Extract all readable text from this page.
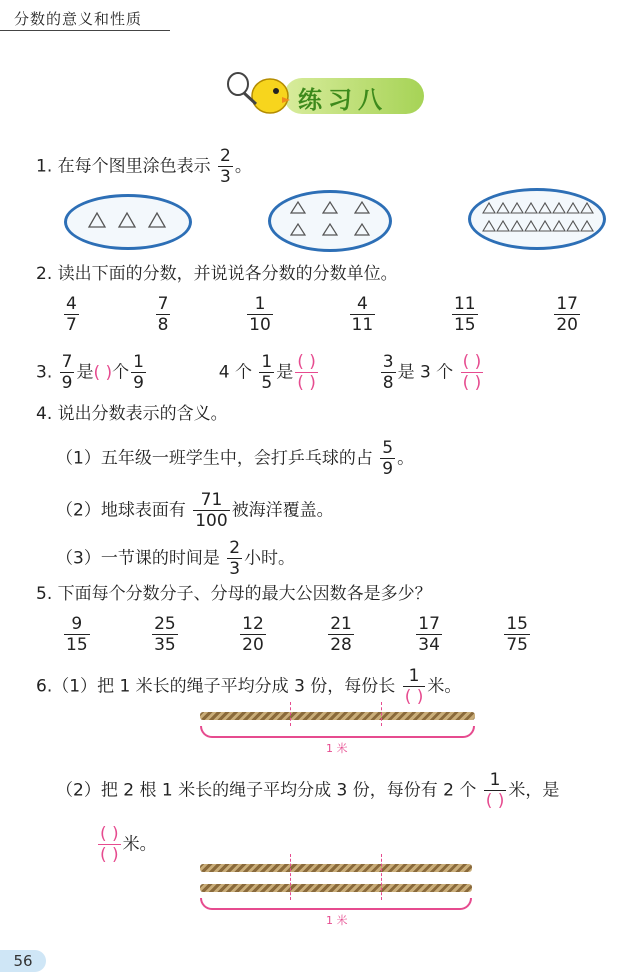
分数的意义和性质
练习八
1. 在每个图里涂色表示 $\frac{2}{3}$ 。
2. 读出下面的分数，并说说各分数的分数单位。
$\frac{4}{7}$	$\frac{7}{8}$	$\frac{1}{10}$	$\frac{4}{11}$	$\frac{11}{15}$	$\frac{17}{20}$
3. $\frac{7}{9}$ 是( )个 $\frac{1}{9}$	4 个 $\frac{1}{5}$ 是 $\frac{( )}{( )}$
	$\frac{3}{8}$ 是 3 个 $\frac{( )}{( )}$
4. 说出分数表示的含义。
（1）五年级一班学生中，会打乒乓球的占 $\frac{5}{9}$ 。
（2）地球表面有 $\frac{71}{100}$ 被海洋覆盖。
（3）一节课的时间是 $\frac{2}{3}$ 小时。
5. 下面每个分数分子、分母的最大公因数各是多少？
$\frac{9}{15}$	$\frac{25}{35}$	$\frac{12}{20}$	$\frac{21}{28}$	$\frac{17}{34}$	$\frac{15}{75}$
6.（1）把 1 米长的绳子平均分成 3 份，每份长 $\frac{1}{( )}$ 米。
1 米
（2）把 2 根 1 米长的绳子平均分成 3 份，每份有 2 个 $\frac{1}{( )}$ 米，是
$\frac{( )}{( )}$ 米。
1 米
56
